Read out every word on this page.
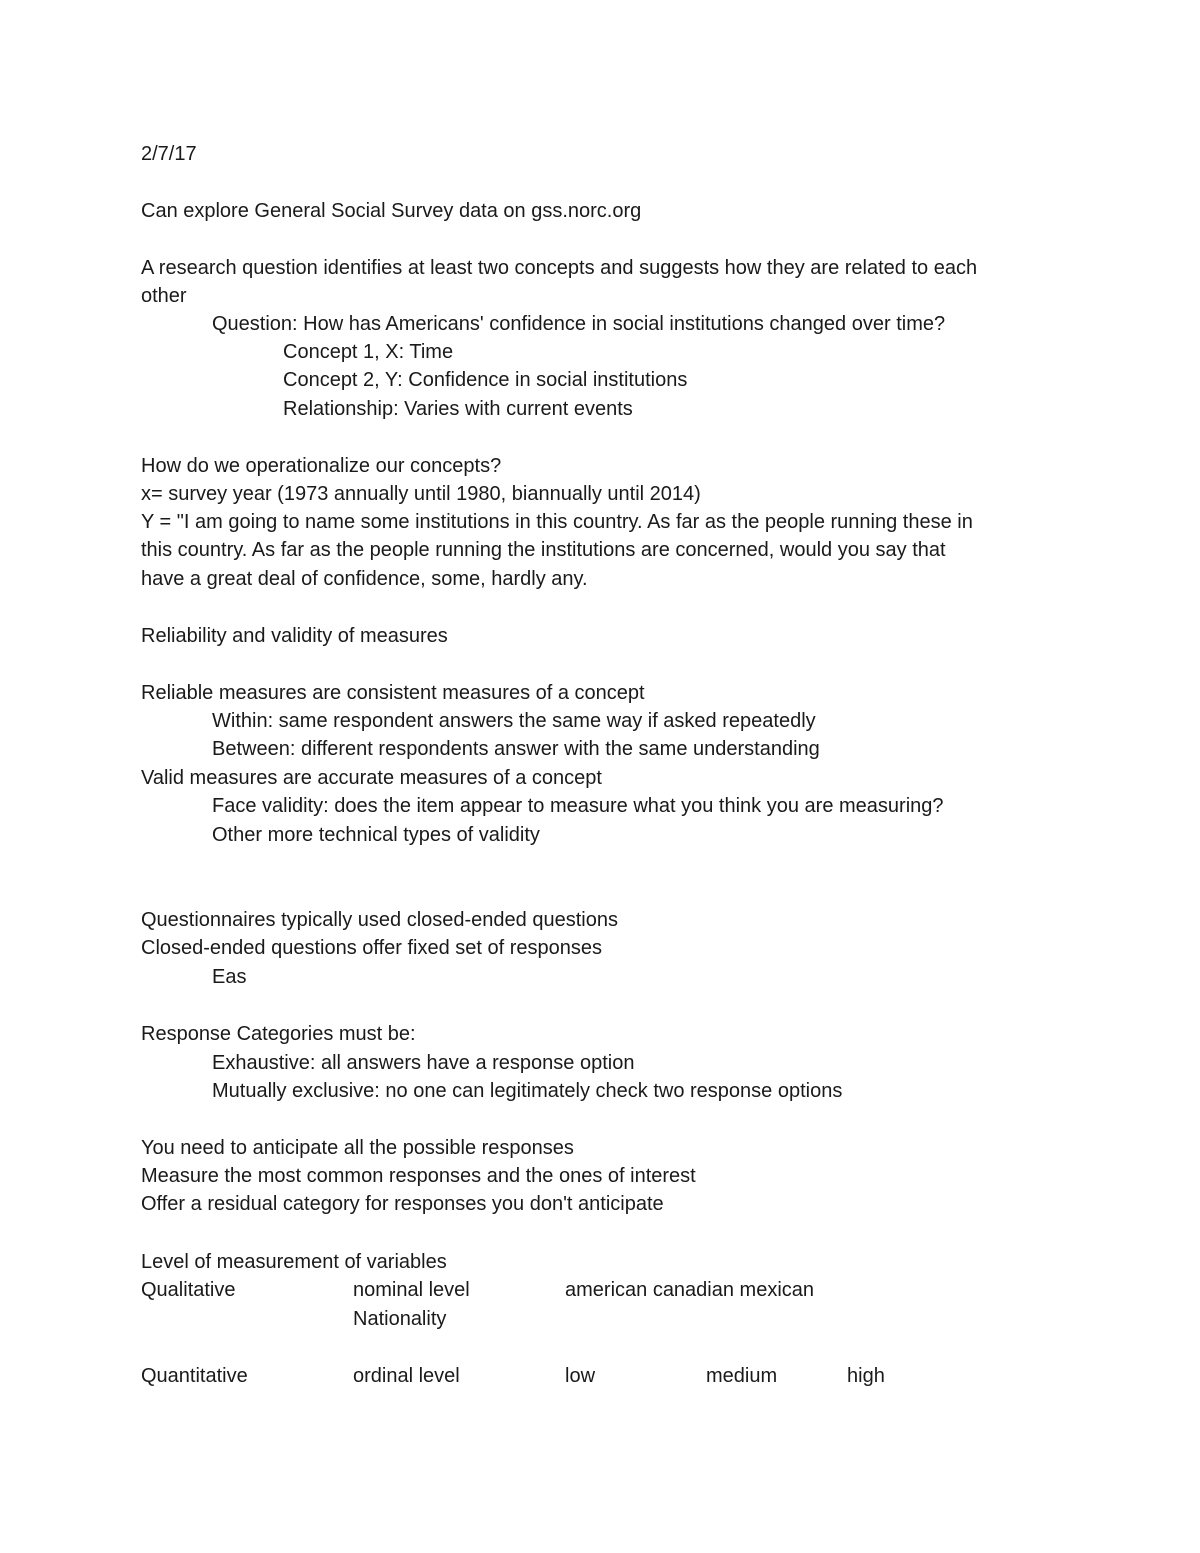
2/7/17
Can explore General Social Survey data on gss.norc.org
A research question identifies at least two concepts and suggests how they are related to each
other
Question: How has Americans' confidence in social institutions changed over time?
Concept 1, X: Time
Concept 2, Y: Confidence in social institutions
Relationship: Varies with current events
How do we operationalize our concepts?
x= survey year (1973 annually until 1980, biannually until 2014)
Y = "I am going to name some institutions in this country. As far as the people running these in
this country. As far as the people running the institutions are concerned, would you say that
have a great deal of confidence, some, hardly any.
Reliability and validity of measures
Reliable measures are consistent measures of a concept
Within: same respondent answers the same way if asked repeatedly
Between: different respondents answer with the same understanding
Valid measures are accurate measures of a concept
Face validity: does the item appear to measure what you think you are measuring?
Other more technical types of validity
Questionnaires typically used closed-ended questions
Closed-ended questions offer fixed set of responses
Eas
Response Categories must be:
Exhaustive: all answers have a response option
Mutually exclusive: no one can legitimately check two response options
You need to anticipate all the possible responses
Measure the most common responses and the ones of interest
Offer a residual category for responses you don't anticipate
Level of measurement of variables
Qualitative	nominal level	american canadian mexican
Nationality
Quantitative	ordinal level	low	medium	high
